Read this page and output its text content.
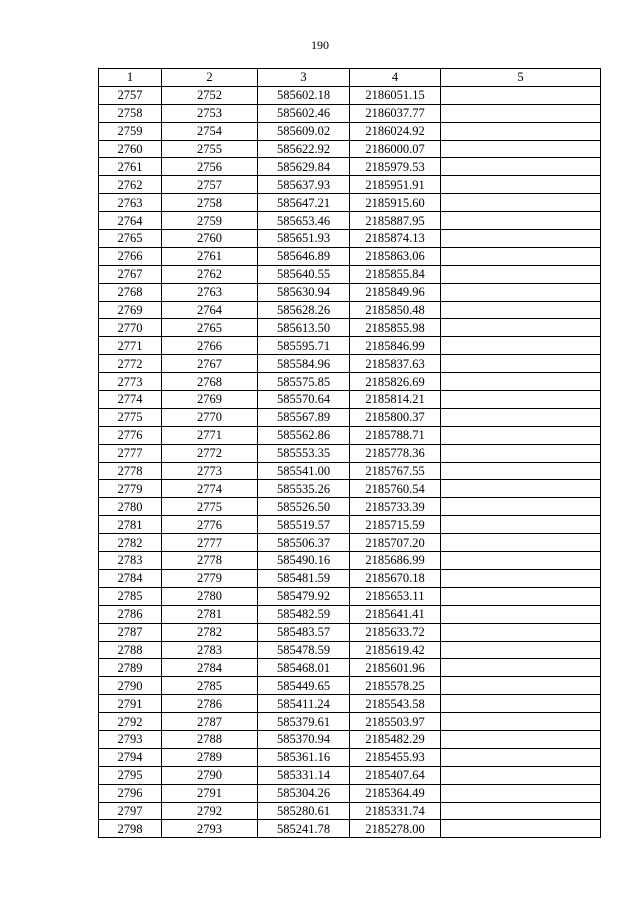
190
1	2	3	4	5
2757	2752	585602.18	2186051.15	
2758	2753	585602.46	2186037.77	
2759	2754	585609.02	2186024.92	
2760	2755	585622.92	2186000.07	
2761	2756	585629.84	2185979.53	
2762	2757	585637.93	2185951.91	
2763	2758	585647.21	2185915.60	
2764	2759	585653.46	2185887.95	
2765	2760	585651.93	2185874.13	
2766	2761	585646.89	2185863.06	
2767	2762	585640.55	2185855.84	
2768	2763	585630.94	2185849.96	
2769	2764	585628.26	2185850.48	
2770	2765	585613.50	2185855.98	
2771	2766	585595.71	2185846.99	
2772	2767	585584.96	2185837.63	
2773	2768	585575.85	2185826.69	
2774	2769	585570.64	2185814.21	
2775	2770	585567.89	2185800.37	
2776	2771	585562.86	2185788.71	
2777	2772	585553.35	2185778.36	
2778	2773	585541.00	2185767.55	
2779	2774	585535.26	2185760.54	
2780	2775	585526.50	2185733.39	
2781	2776	585519.57	2185715.59	
2782	2777	585506.37	2185707.20	
2783	2778	585490.16	2185686.99	
2784	2779	585481.59	2185670.18	
2785	2780	585479.92	2185653.11	
2786	2781	585482.59	2185641.41	
2787	2782	585483.57	2185633.72	
2788	2783	585478.59	2185619.42	
2789	2784	585468.01	2185601.96	
2790	2785	585449.65	2185578.25	
2791	2786	585411.24	2185543.58	
2792	2787	585379.61	2185503.97	
2793	2788	585370.94	2185482.29	
2794	2789	585361.16	2185455.93	
2795	2790	585331.14	2185407.64	
2796	2791	585304.26	2185364.49	
2797	2792	585280.61	2185331.74	
2798	2793	585241.78	2185278.00	
